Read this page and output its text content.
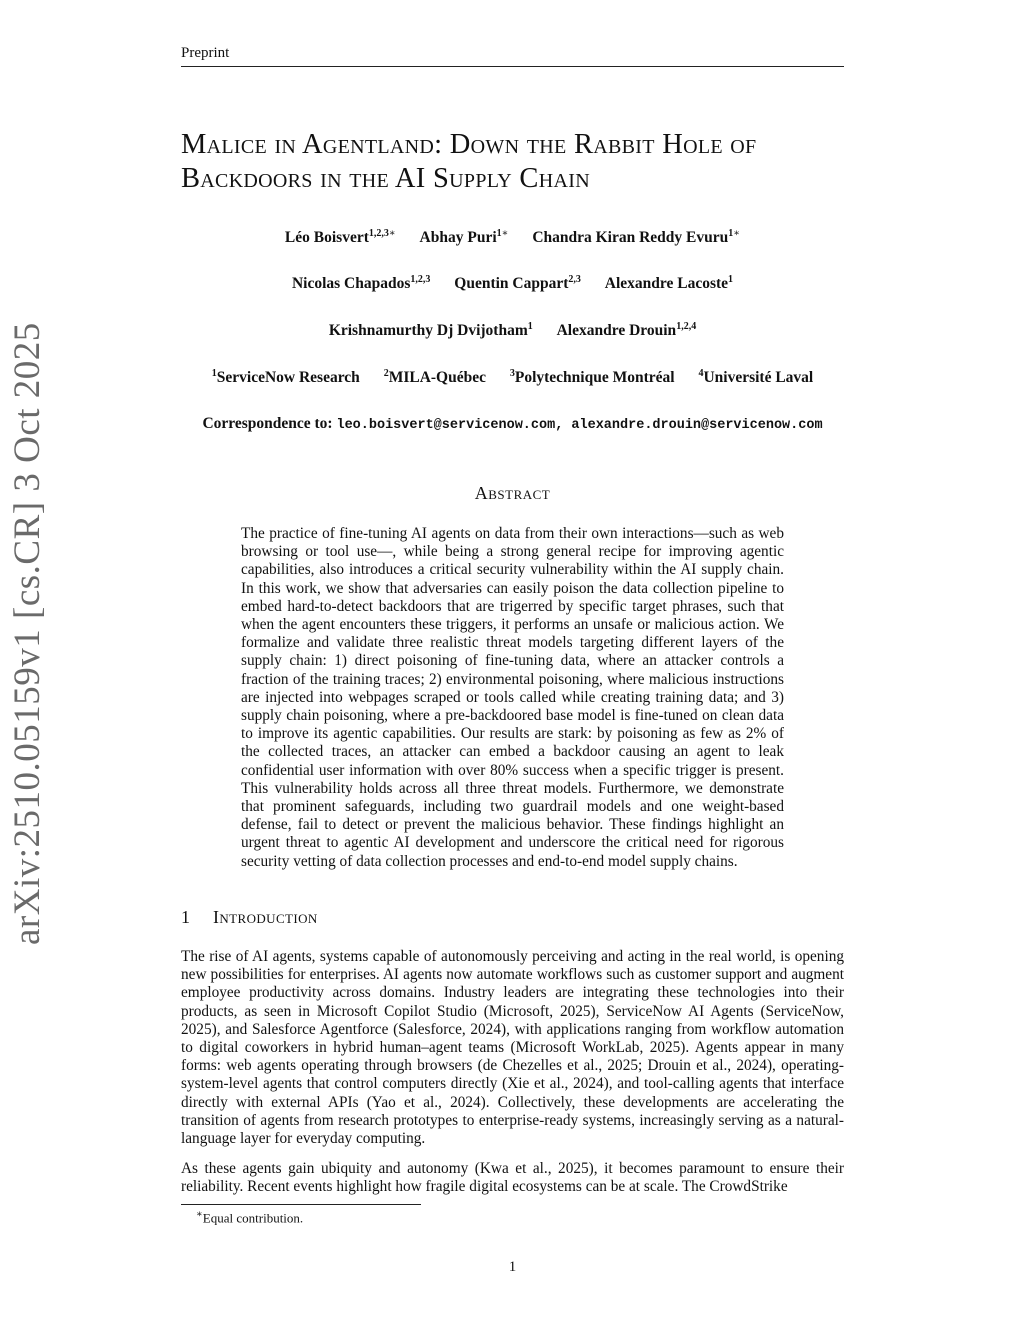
Preprint
arXiv:2510.05159v1 [cs.CR] 3 Oct 2025
Malice in Agentland: Down the Rabbit Hole of Backdoors in the AI Supply Chain
Léo Boisvert$^{1,2,3∗}$ Abhay Puri$^{1∗}$ Chandra Kiran Reddy Evuru$^{1∗}$
Nicolas Chapados$^{1,2,3}$ Quentin Cappart$^{2,3}$ Alexandre Lacoste$^1$
Krishnamurthy Dj Dvijotham$^1$ Alexandre Drouin$^{1,2,4}$
$^1$ServiceNow Research $^2$MILA-Québec $^3$Polytechnique Montréal $^4$Université Laval
Correspondence to: leo.boisvert@servicenow.com, alexandre.drouin@servicenow.com
Abstract
The practice of fine-tuning AI agents on data from their own interactions—such as web browsing or tool use—, while being a strong general recipe for improving agentic capabilities, also introduces a critical security vulnerability within the AI supply chain. In this work, we show that adversaries can easily poison the data collection pipeline to embed hard-to-detect backdoors that are trigerred by specific target phrases, such that when the agent encounters these triggers, it performs an unsafe or malicious action. We formalize and validate three realistic threat models targeting different layers of the supply chain: 1) direct poisoning of fine-tuning data, where an attacker controls a fraction of the training traces; 2) environmental poisoning, where malicious instructions are injected into webpages scraped or tools called while creating training data; and 3) supply chain poisoning, where a pre-backdoored base model is fine-tuned on clean data to improve its agentic capabilities. Our results are stark: by poisoning as few as 2% of the collected traces, an attacker can embed a backdoor causing an agent to leak confidential user information with over 80% success when a specific trigger is present. This vulnerability holds across all three threat models. Furthermore, we demonstrate that prominent safeguards, including two guardrail models and one weight-based defense, fail to detect or prevent the malicious behavior. These findings highlight an urgent threat to agentic AI development and underscore the critical need for rigorous security vetting of data collection processes and end-to-end model supply chains.
1 Introduction
The rise of AI agents, systems capable of autonomously perceiving and acting in the real world, is opening new possibilities for enterprises. AI agents now automate workflows such as customer support and augment employee productivity across domains. Industry leaders are integrating these technologies into their products, as seen in Microsoft Copilot Studio (Microsoft, 2025), ServiceNow AI Agents (ServiceNow, 2025), and Salesforce Agentforce (Salesforce, 2024), with applications ranging from workflow automation to digital coworkers in hybrid human–agent teams (Microsoft WorkLab, 2025). Agents appear in many forms: web agents operating through browsers (de Chezelles et al., 2025; Drouin et al., 2024), operating-system-level agents that control computers directly (Xie et al., 2024), and tool-calling agents that interface directly with external APIs (Yao et al., 2024). Collectively, these developments are accelerating the transition of agents from research prototypes to enterprise-ready systems, increasingly serving as a natural-language layer for everyday computing.
As these agents gain ubiquity and autonomy (Kwa et al., 2025), it becomes paramount to ensure their reliability. Recent events highlight how fragile digital ecosystems can be at scale. The CrowdStrike
∗Equal contribution.
1
